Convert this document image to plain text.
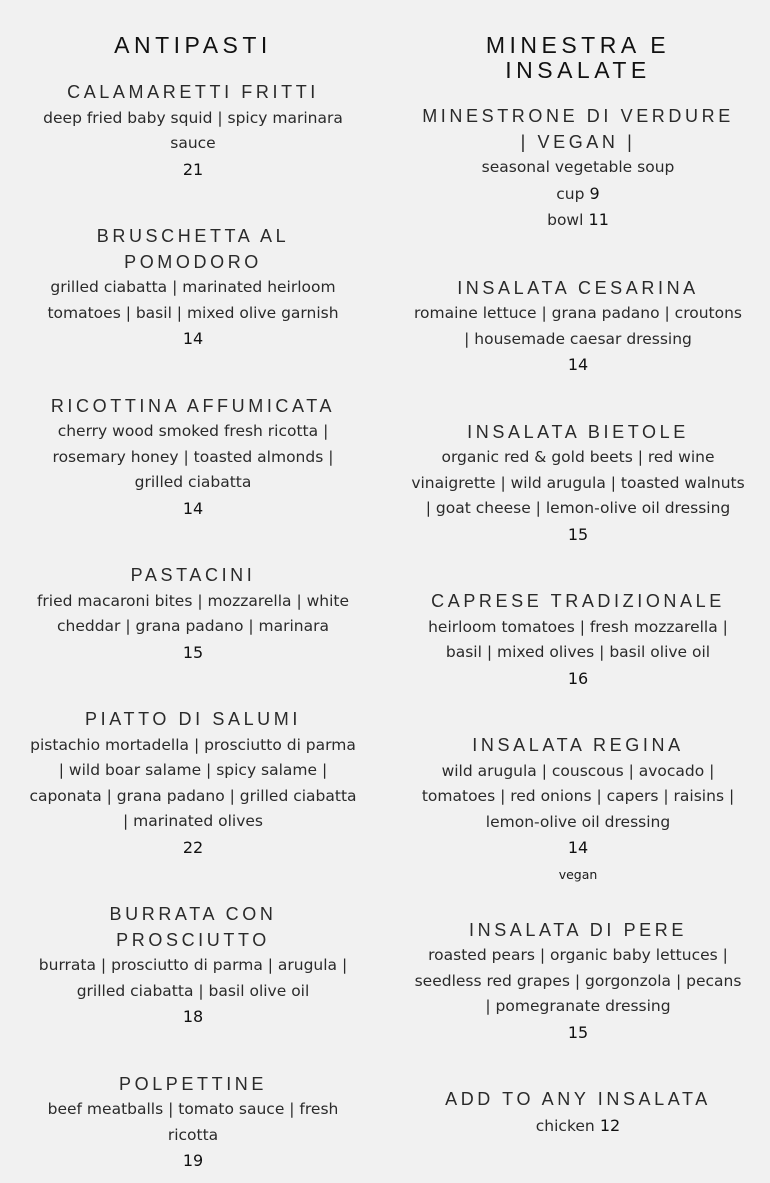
ANTIPASTI
CALAMARETTI FRITTI
deep fried baby squid | spicy marinara sauce
21
BRUSCHETTA AL POMODORO
grilled ciabatta | marinated heirloom tomatoes | basil | mixed olive garnish
14
RICOTTINA AFFUMICATA
cherry wood smoked fresh ricotta | rosemary honey | toasted almonds | grilled ciabatta
14
PASTACINI
fried macaroni bites | mozzarella | white cheddar | grana padano | marinara
15
PIATTO DI SALUMI
pistachio mortadella | prosciutto di parma | wild boar salame | spicy salame | caponata | grana padano | grilled ciabatta | marinated olives
22
BURRATA CON PROSCIUTTO
burrata | prosciutto di parma | arugula | grilled ciabatta | basil olive oil
18
POLPETTINE
beef meatballs | tomato sauce | fresh ricotta
19
MINESTRA E INSALATE
MINESTRONE DI VERDURE | VEGAN |
seasonal vegetable soup
cup 9
bowl 11
INSALATA CESARINA
romaine lettuce | grana padano | croutons | housemade caesar dressing
14
INSALATA BIETOLE
organic red & gold beets | red wine vinaigrette | wild arugula | toasted walnuts | goat cheese | lemon-olive oil dressing
15
CAPRESE TRADIZIONALE
heirloom tomatoes | fresh mozzarella | basil | mixed olives | basil olive oil
16
INSALATA REGINA
wild arugula | couscous | avocado | tomatoes | red onions | capers | raisins | lemon-olive oil dressing
14
vegan
INSALATA DI PERE
roasted pears | organic baby lettuces | seedless red grapes | gorgonzola | pecans | pomegranate dressing
15
ADD TO ANY INSALATA
chicken 12
